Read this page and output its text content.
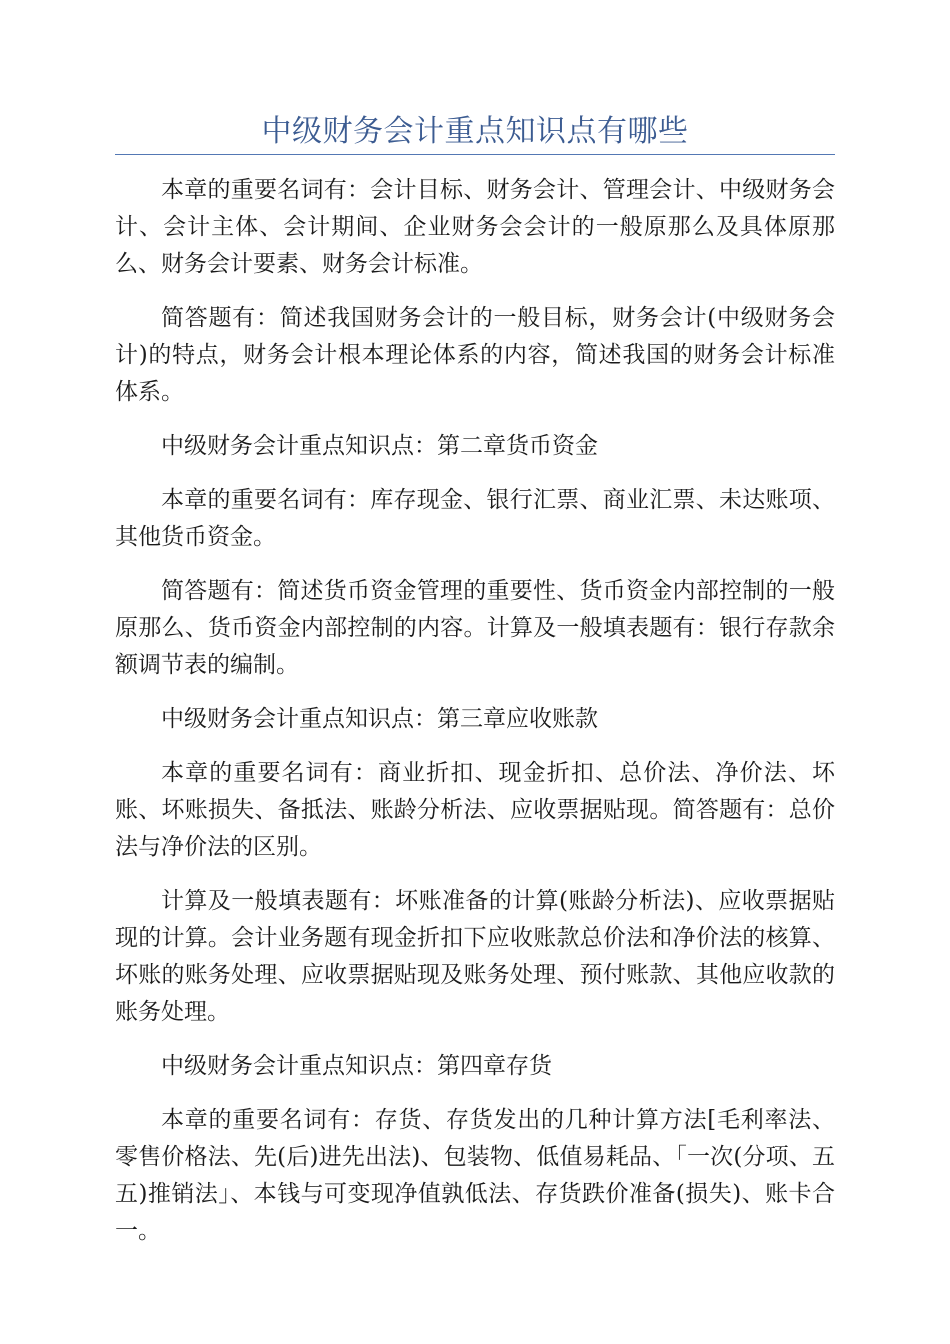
中级财务会计重点知识点有哪些

本章的重要名词有：会计目标、财务会计、管理会计、中级财务会计、会计主体、会计期间、企业财务会会计的一般原那么及具体原那么、财务会计要素、财务会计标准。

简答题有：简述我国财务会计的一般目标，财务会计(中级财务会计)的特点，财务会计根本理论体系的内容，简述我国的财务会计标准体系。

中级财务会计重点知识点：第二章货币资金

本章的重要名词有：库存现金、银行汇票、商业汇票、未达账项、其他货币资金。

简答题有：简述货币资金管理的重要性、货币资金内部控制的一般原那么、货币资金内部控制的内容。计算及一般填表题有：银行存款余额调节表的编制。

中级财务会计重点知识点：第三章应收账款

本章的重要名词有：商业折扣、现金折扣、总价法、净价法、坏账、坏账损失、备抵法、账龄分析法、应收票据贴现。简答题有：总价法与净价法的区别。

计算及一般填表题有：坏账准备的计算(账龄分析法)、应收票据贴现的计算。会计业务题有现金折扣下应收账款总价法和净价法的核算、坏账的账务处理、应收票据贴现及账务处理、预付账款、其他应收款的账务处理。

中级财务会计重点知识点：第四章存货

本章的重要名词有：存货、存货发出的几种计算方法[毛利率法、零售价格法、先(后)进先出法)、包装物、低值易耗品、「一次(分项、五五)推销法」、本钱与可变现净值孰低法、存货跌价准备(损失)、账卡合一。
